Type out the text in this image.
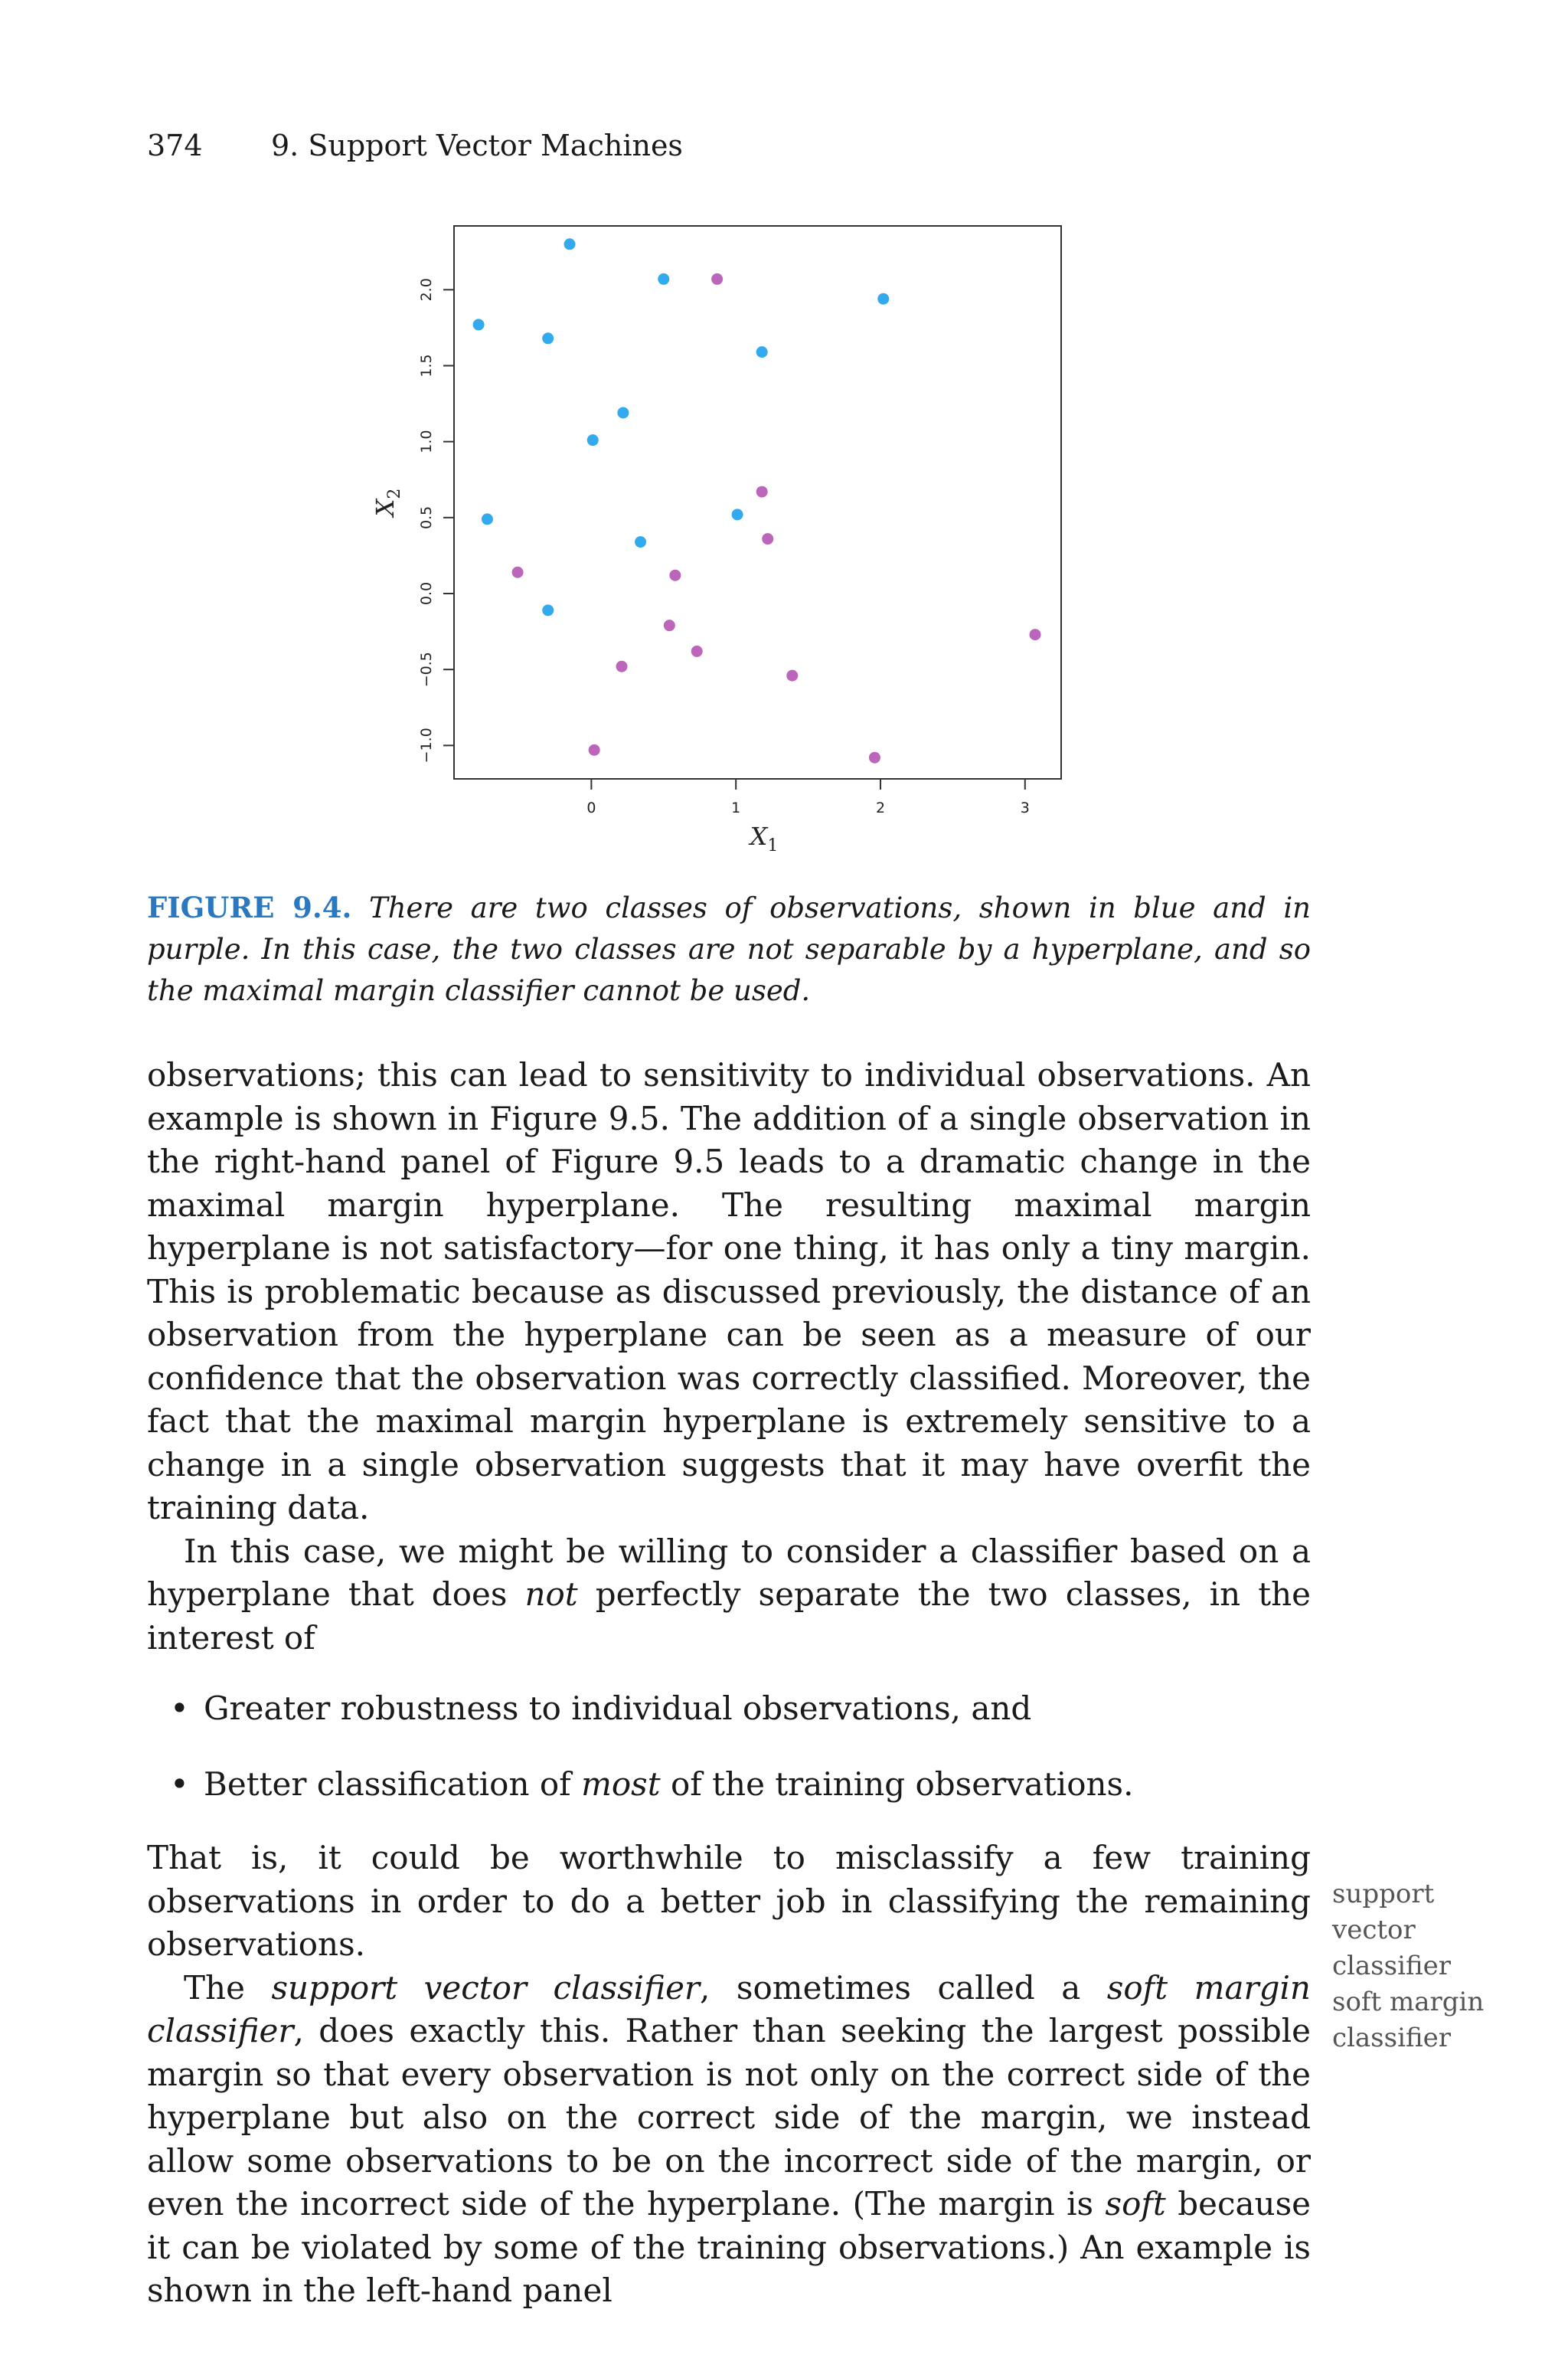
374 9. Support Vector Machines
0	1	2	3
−1.0
−0.5
0.0
0.5
1.0
1.5
2.0
$X_1$
$X_2$
FIGURE 9.4. There are two classes of observations, shown in blue and in purple. In this case, the two classes are not separable by a hyperplane, and so the maximal margin classifier cannot be used.

observations; this can lead to sensitivity to individual observations. An example is shown in Figure 9.5. The addition of a single observation in the right-hand panel of Figure 9.5 leads to a dramatic change in the maximal margin hyperplane. The resulting maximal margin hyperplane is not satisfactory—for one thing, it has only a tiny margin. This is problematic because as discussed previously, the distance of an observation from the hyperplane can be seen as a measure of our confidence that the observation was correctly classified. Moreover, the fact that the maximal margin hyperplane is extremely sensitive to a change in a single observation suggests that it may have overfit the training data.

In this case, we might be willing to consider a classifier based on a hyperplane that does not perfectly separate the two classes, in the interest of

• Greater robustness to individual observations, and
• Better classification of most of the training observations.

That is, it could be worthwhile to misclassify a few training observations in order to do a better job in classifying the remaining observations.

The support vector classifier, sometimes called a soft margin classifier, does exactly this. Rather than seeking the largest possible margin so that every observation is not only on the correct side of the hyperplane but also on the correct side of the margin, we instead allow some observations to be on the incorrect side of the margin, or even the incorrect side of the hyperplane. (The margin is soft because it can be violated by some of the training observations.) An example is shown in the left-hand panel

support

vector

classifier

soft margin

classifier
